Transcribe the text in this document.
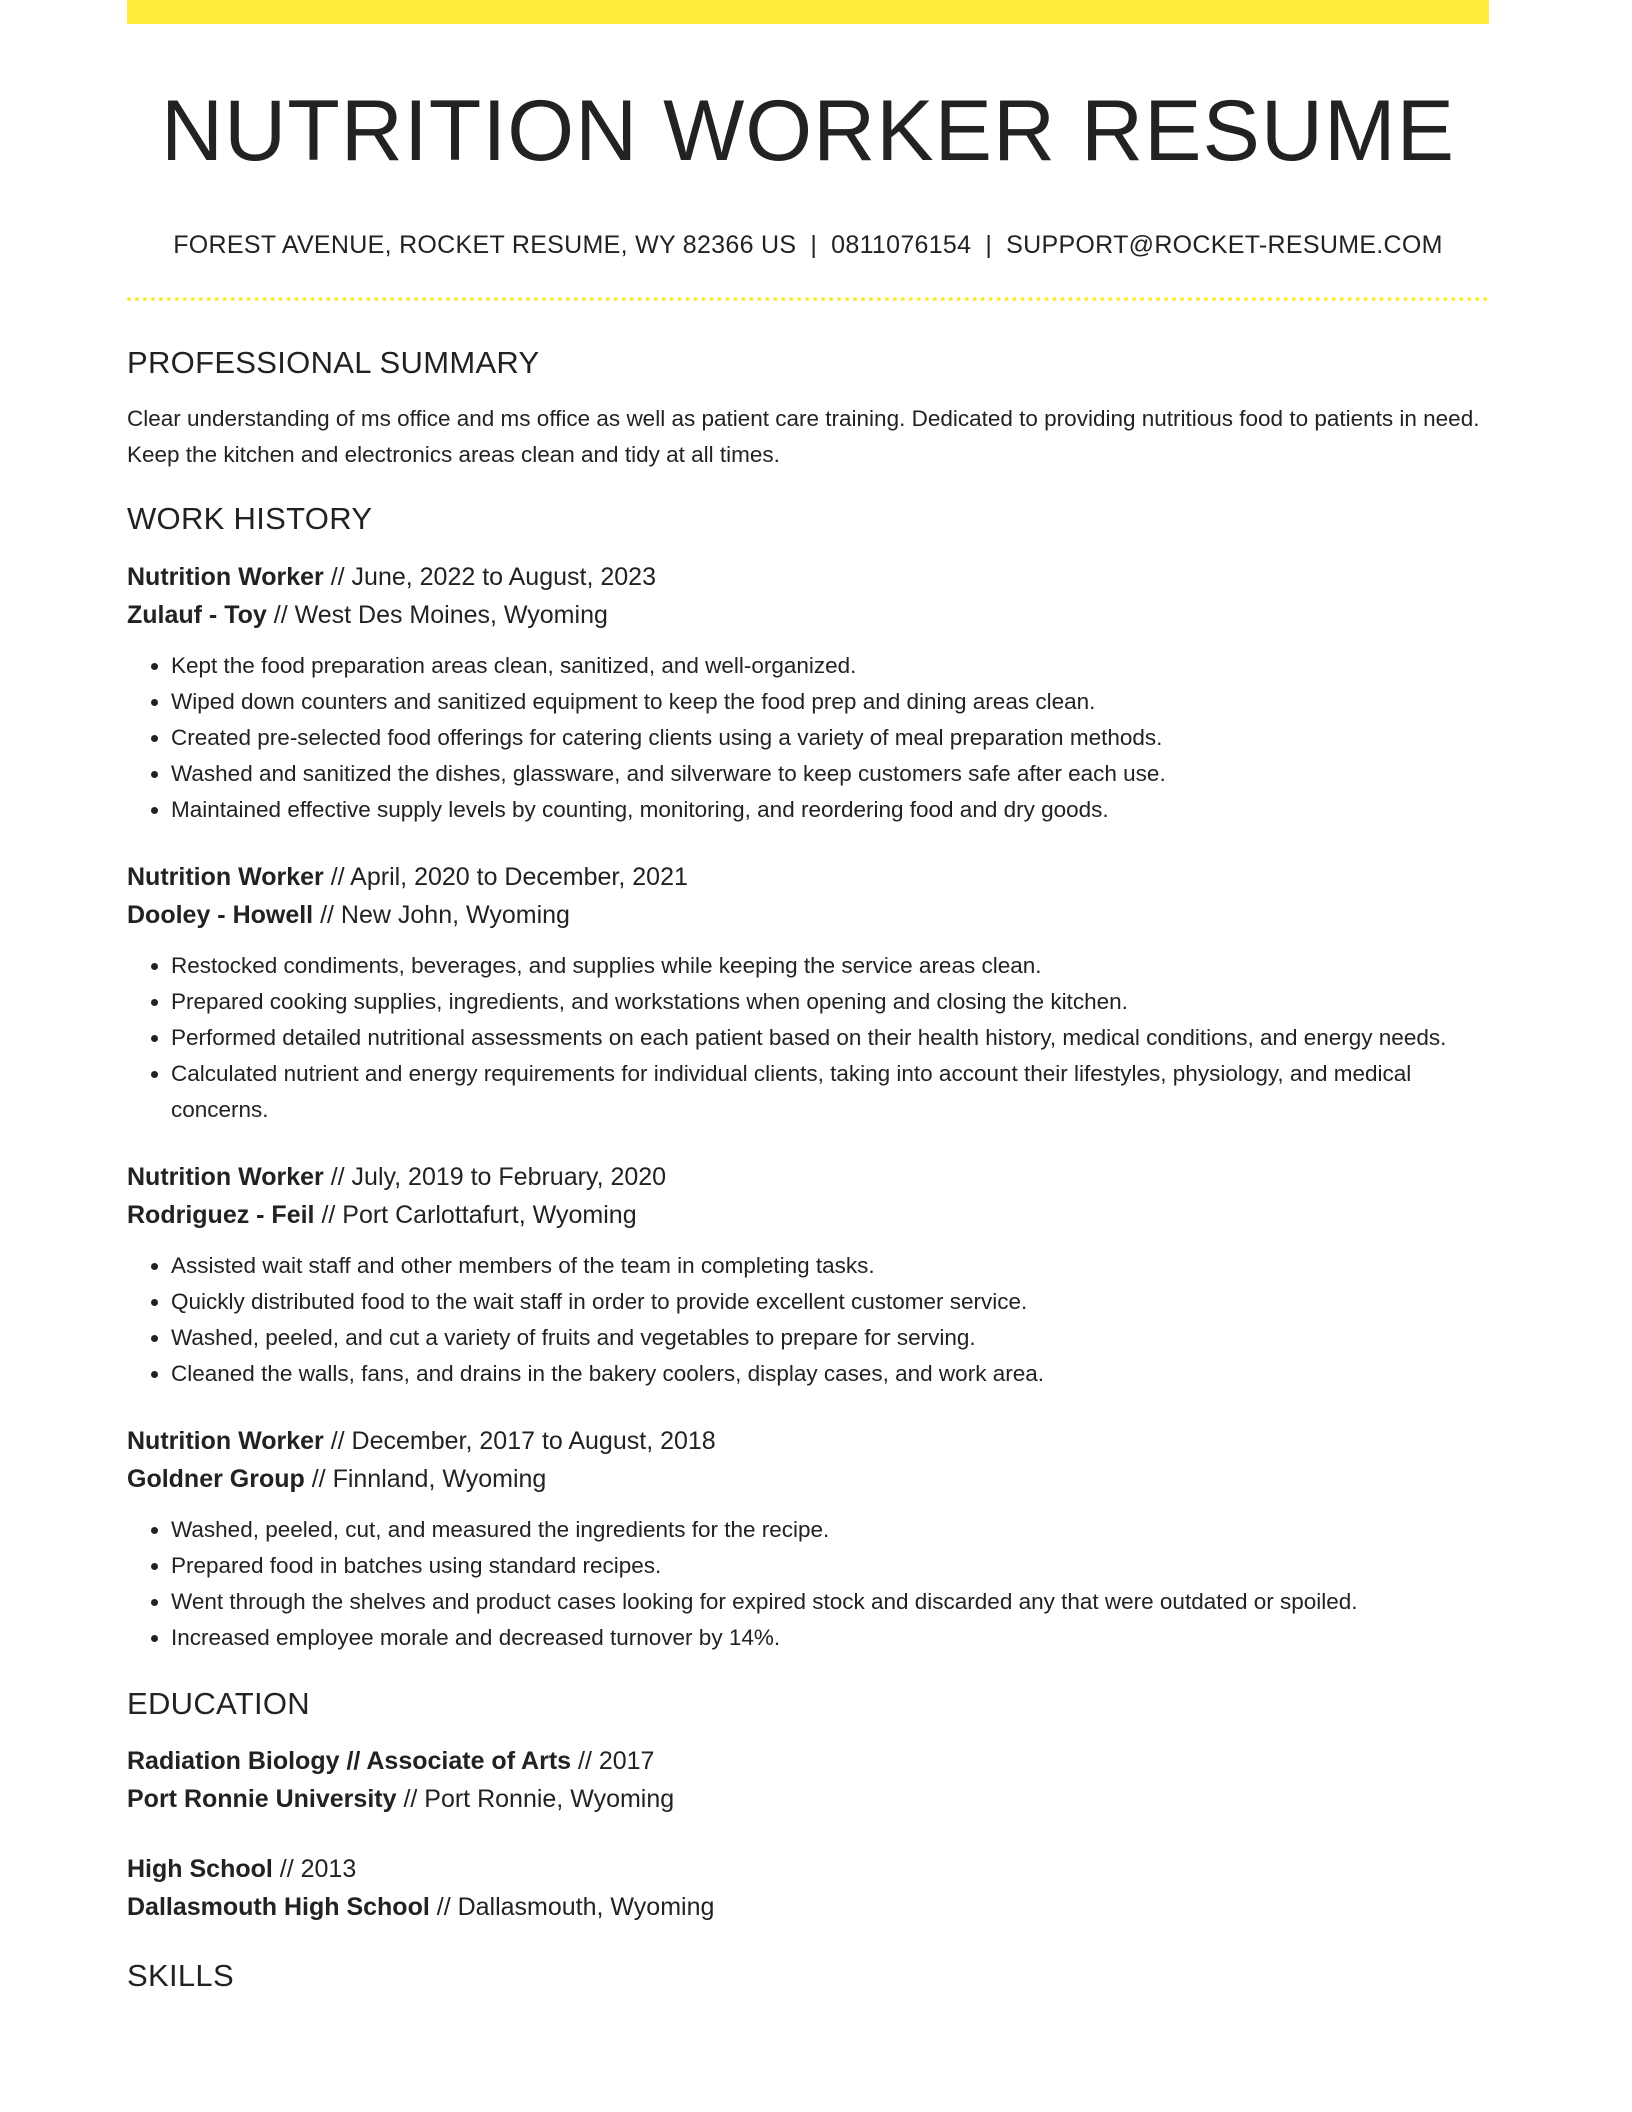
NUTRITION WORKER RESUME
FOREST AVENUE, ROCKET RESUME, WY 82366 US | 0811076154 | SUPPORT@ROCKET-RESUME.COM
PROFESSIONAL SUMMARY
Clear understanding of ms office and ms office as well as patient care training. Dedicated to providing nutritious food to patients in need. Keep the kitchen and electronics areas clean and tidy at all times.
WORK HISTORY
Nutrition Worker // June, 2022 to August, 2023
Zulauf - Toy // West Des Moines, Wyoming
• Kept the food preparation areas clean, sanitized, and well-organized.
• Wiped down counters and sanitized equipment to keep the food prep and dining areas clean.
• Created pre-selected food offerings for catering clients using a variety of meal preparation methods.
• Washed and sanitized the dishes, glassware, and silverware to keep customers safe after each use.
• Maintained effective supply levels by counting, monitoring, and reordering food and dry goods.
Nutrition Worker // April, 2020 to December, 2021
Dooley - Howell // New John, Wyoming
• Restocked condiments, beverages, and supplies while keeping the service areas clean.
• Prepared cooking supplies, ingredients, and workstations when opening and closing the kitchen.
• Performed detailed nutritional assessments on each patient based on their health history, medical conditions, and energy needs.
• Calculated nutrient and energy requirements for individual clients, taking into account their lifestyles, physiology, and medical concerns.
Nutrition Worker // July, 2019 to February, 2020
Rodriguez - Feil // Port Carlottafurt, Wyoming
• Assisted wait staff and other members of the team in completing tasks.
• Quickly distributed food to the wait staff in order to provide excellent customer service.
• Washed, peeled, and cut a variety of fruits and vegetables to prepare for serving.
• Cleaned the walls, fans, and drains in the bakery coolers, display cases, and work area.
Nutrition Worker // December, 2017 to August, 2018
Goldner Group // Finnland, Wyoming
• Washed, peeled, cut, and measured the ingredients for the recipe.
• Prepared food in batches using standard recipes.
• Went through the shelves and product cases looking for expired stock and discarded any that were outdated or spoiled.
• Increased employee morale and decreased turnover by 14%.
EDUCATION
Radiation Biology // Associate of Arts // 2017
Port Ronnie University // Port Ronnie, Wyoming
High School // 2013
Dallasmouth High School // Dallasmouth, Wyoming
SKILLS
